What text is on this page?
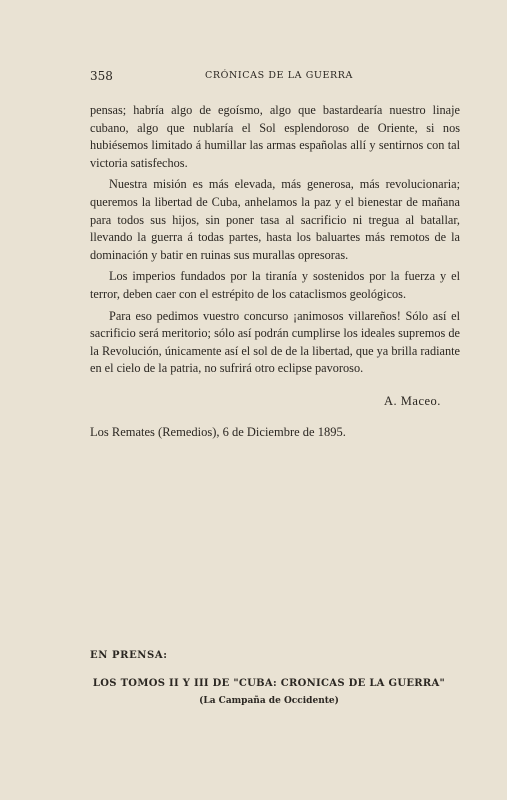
358	CRÓNICAS DE LA GUERRA

pensas; habría algo de egoísmo, algo que bastardearía nuestro linaje cubano, algo que nublaría el Sol esplendoroso de Oriente, si nos hubiésemos limitado á humillar las armas españolas allí y sentirnos con tal victoria satisfechos.

Nuestra misión es más elevada, más generosa, más revolucionaria; queremos la libertad de Cuba, anhelamos la paz y el bienestar de mañana para todos sus hijos, sin poner tasa al sacrificio ni tregua al batallar, llevando la guerra á todas partes, hasta los baluartes más remotos de la dominación y batir en ruinas sus murallas opresoras.

Los imperios fundados por la tiranía y sostenidos por la fuerza y el terror, deben caer con el estrépito de los cataclismos geológicos.

Para eso pedimos vuestro concurso ¡animosos villareños! Sólo así el sacrificio será meritorio; sólo así podrán cumplirse los ideales supremos de la Revolución, únicamente así el sol de de la libertad, que ya brilla radiante en el cielo de la patria, no sufrirá otro eclipse pavoroso.

A. Maceo.
Los Remates (Remedios), 6 de Diciembre de 1895.
EN PRENSA:
LOS TOMOS II Y III DE "CUBA: CRONICAS DE LA GUERRA"
(La Campaña de Occidente)
